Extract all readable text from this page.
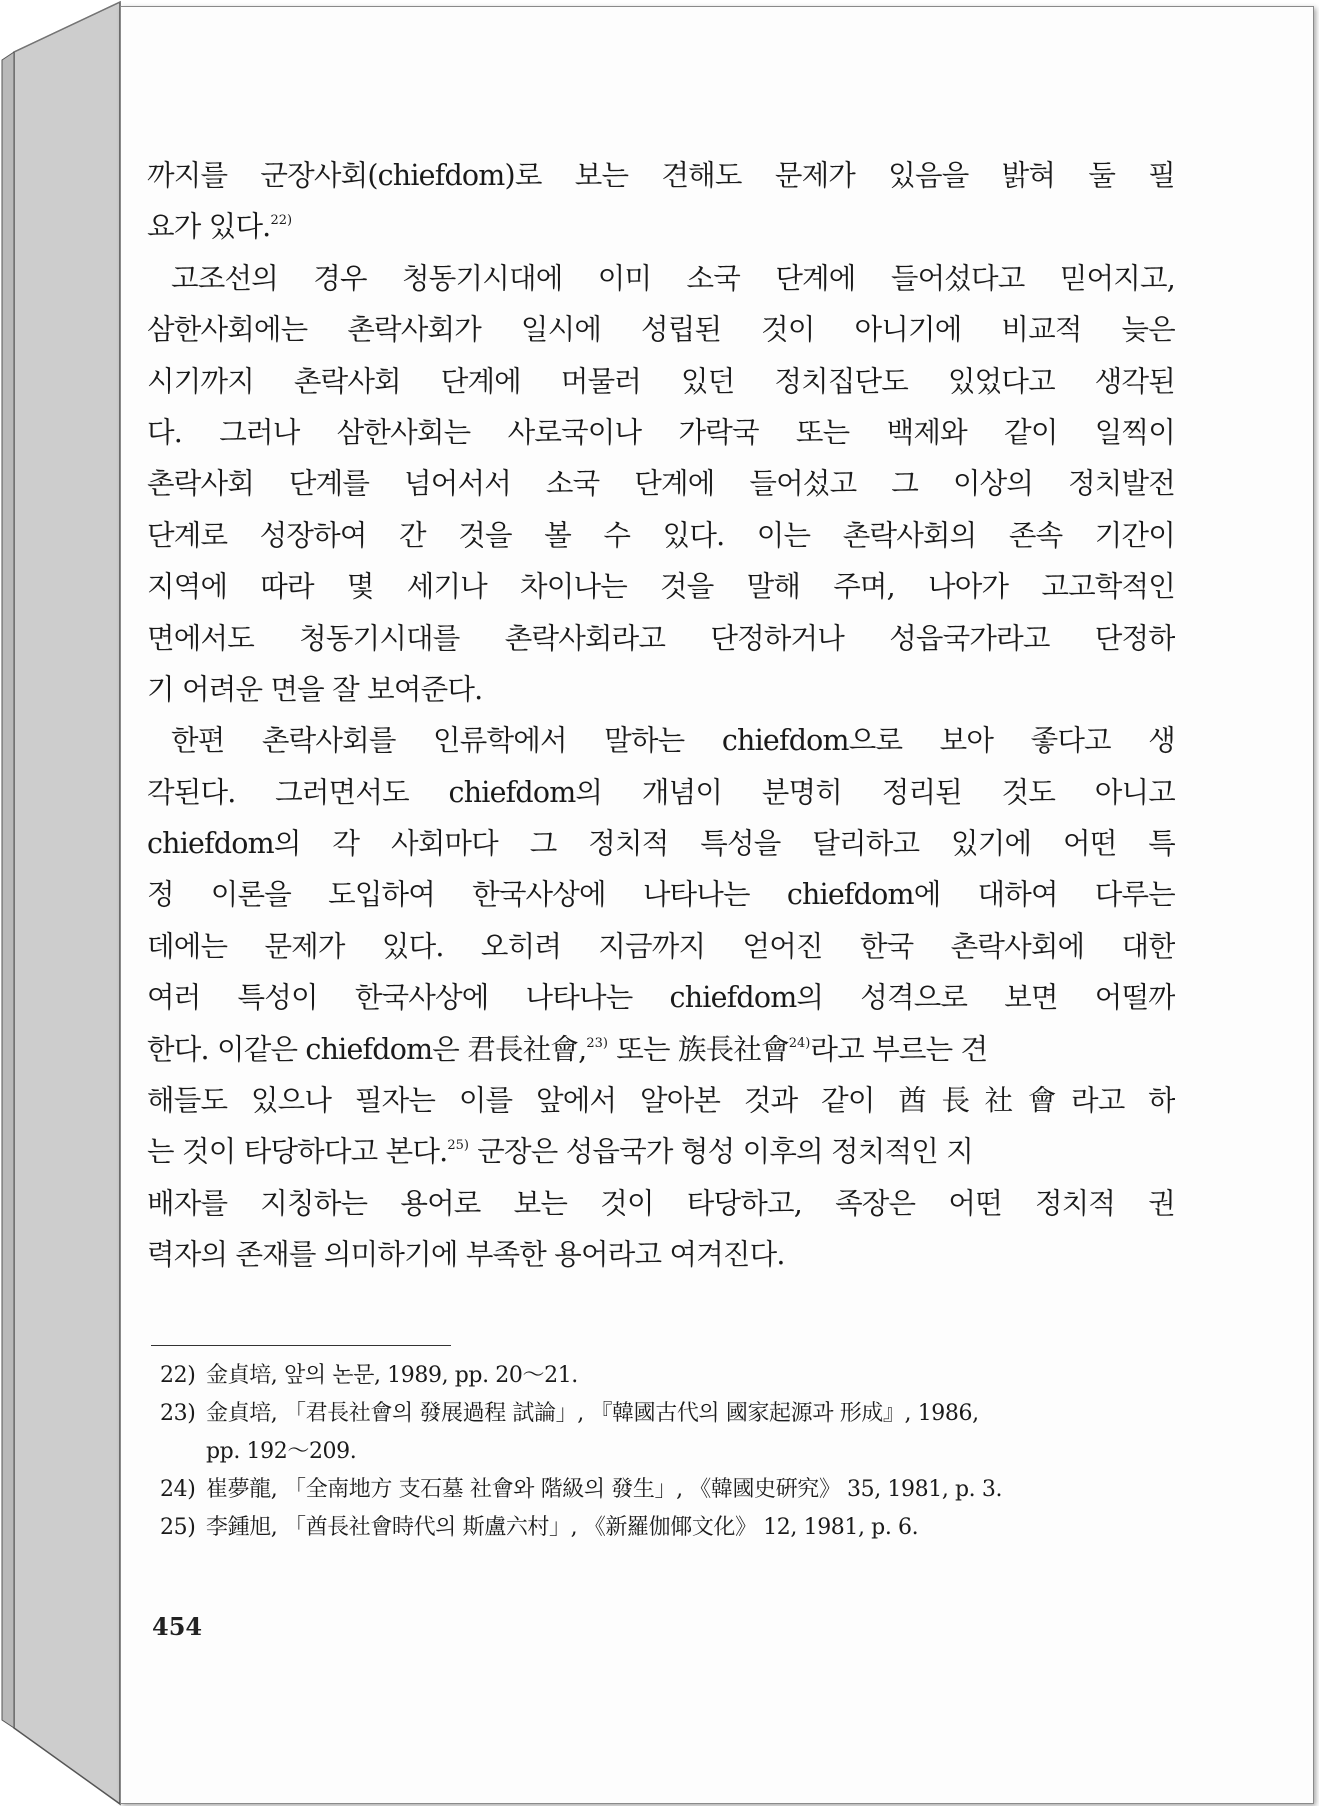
까지를 군장사회(chiefdom)로 보는 견해도 문제가 있음을 밝혀 둘 필
요가 있다.$^{22)}$
고조선의 경우 청동기시대에 이미 소국 단계에 들어섰다고 믿어지고,
삼한사회에는 촌락사회가 일시에 성립된 것이 아니기에 비교적 늦은
시기까지 촌락사회 단계에 머물러 있던 정치집단도 있었다고 생각된
다. 그러나 삼한사회는 사로국이나 가락국 또는 백제와 같이 일찍이
촌락사회 단계를 넘어서서 소국 단계에 들어섰고 그 이상의 정치발전
단계로 성장하여 간 것을 볼 수 있다. 이는 촌락사회의 존속 기간이
지역에 따라 몇 세기나 차이나는 것을 말해 주며, 나아가 고고학적인
면에서도 청동기시대를 촌락사회라고 단정하거나 성읍국가라고 단정하
기 어려운 면을 잘 보여준다.
한편 촌락사회를 인류학에서 말하는 chiefdom으로 보아 좋다고 생
각된다. 그러면서도 chiefdom의 개념이 분명히 정리된 것도 아니고
chiefdom의 각 사회마다 그 정치적 특성을 달리하고 있기에 어떤 특
정 이론을 도입하여 한국사상에 나타나는 chiefdom에 대하여 다루는
데에는 문제가 있다. 오히려 지금까지 얻어진 한국 촌락사회에 대한
여러 특성이 한국사상에 나타나는 chiefdom의 성격으로 보면 어떨까
한다. 이같은 chiefdom은 君長社會,$^{23)}$ 또는 族長社會$^{24)}$라고 부르는 견
해들도 있으나 필자는 이를 앞에서 알아본 것과 같이 酋長社會라고 하
는 것이 타당하다고 본다.$^{25)}$ 군장은 성읍국가 형성 이후의 정치적인 지
배자를 지칭하는 용어로 보는 것이 타당하고, 족장은 어떤 정치적 권
력자의 존재를 의미하기에 부족한 용어라고 여겨진다.
22) 金貞培, 앞의 논문, 1989, pp. 20～21.
23) 金貞培, 「君長社會의 發展過程 試論」, 『韓國古代의 國家起源과 形成』, 1986,
pp. 192～209.
24) 崔夢龍, 「全南地方 支石墓 社會와 階級의 發生」, 《韓國史硏究》 35, 1981, p. 3.
25) 李鍾旭, 「酋長社會時代의 斯盧六村」, 《新羅伽倻文化》 12, 1981, p. 6.
454
